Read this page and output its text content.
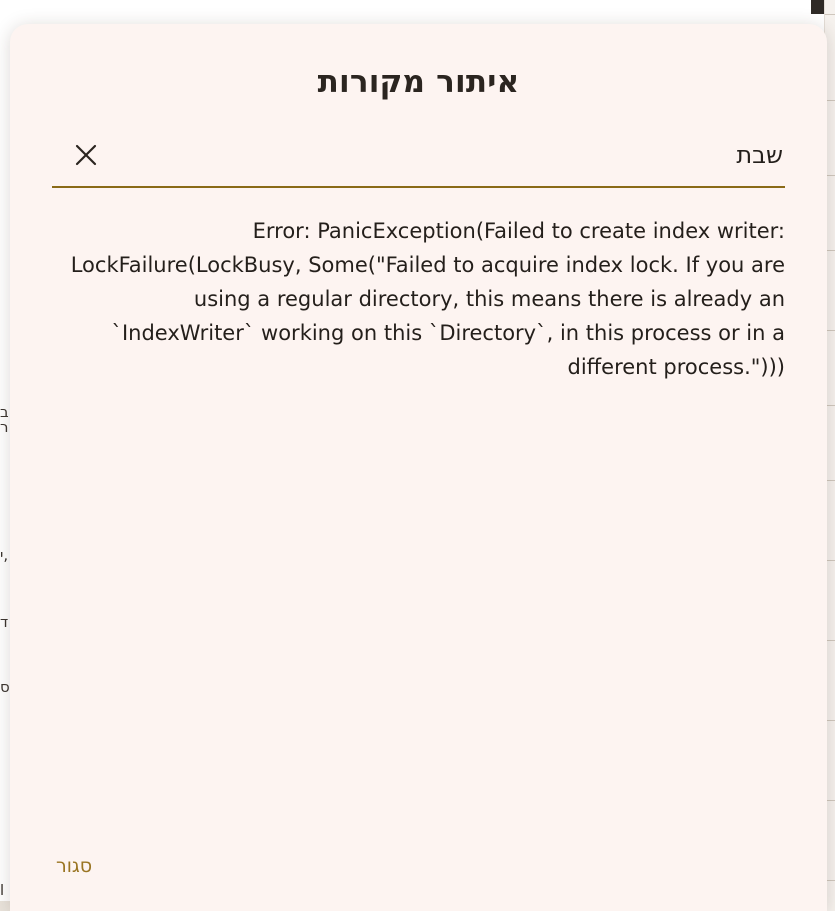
ב
ר
י,
ד
ס
ן
איתור מקורות
שבת
Error: PanicException(Failed to create index writer: LockFailure(LockBusy, Some("Failed to acquire index lock. If you are using a regular directory, this means there is already an `IndexWriter` working on this `Directory`, in this process or in a different process.")))
סגור
